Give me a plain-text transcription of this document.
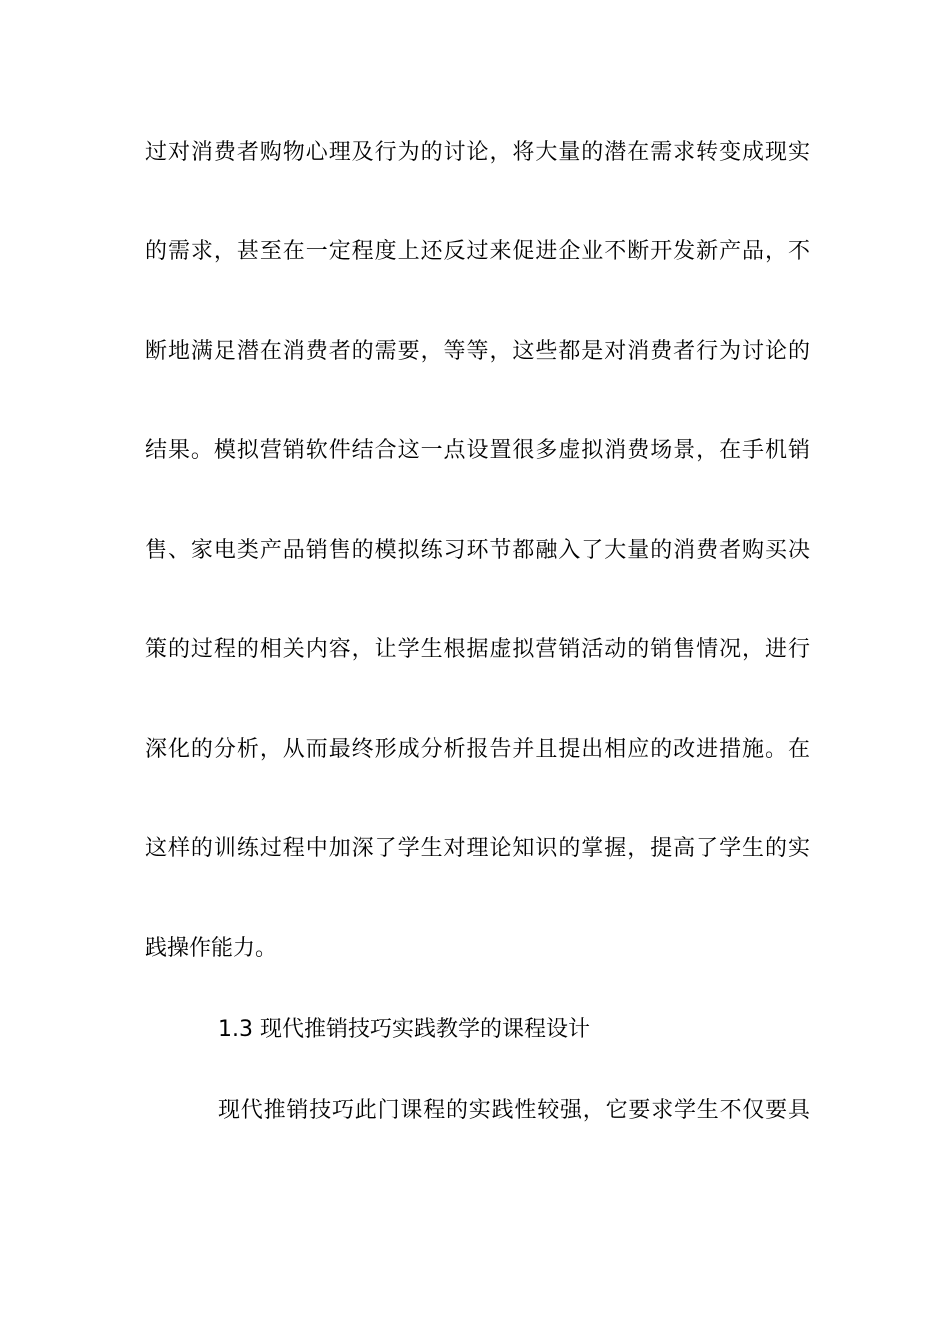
过对消费者购物心理及行为的讨论，将大量的潜在需求转变成现实
的需求，甚至在一定程度上还反过来促进企业不断开发新产品，不
断地满足潜在消费者的需要，等等，这些都是对消费者行为讨论的
结果。模拟营销软件结合这一点设置很多虚拟消费场景，在手机销
售、家电类产品销售的模拟练习环节都融入了大量的消费者购买决
策的过程的相关内容，让学生根据虚拟营销活动的销售情况，进行
深化的分析，从而最终形成分析报告并且提出相应的改进措施。在
这样的训练过程中加深了学生对理论知识的掌握，提高了学生的实
践操作能力。
1.3 现代推销技巧实践教学的课程设计
现代推销技巧此门课程的实践性较强，它要求学生不仅要具
